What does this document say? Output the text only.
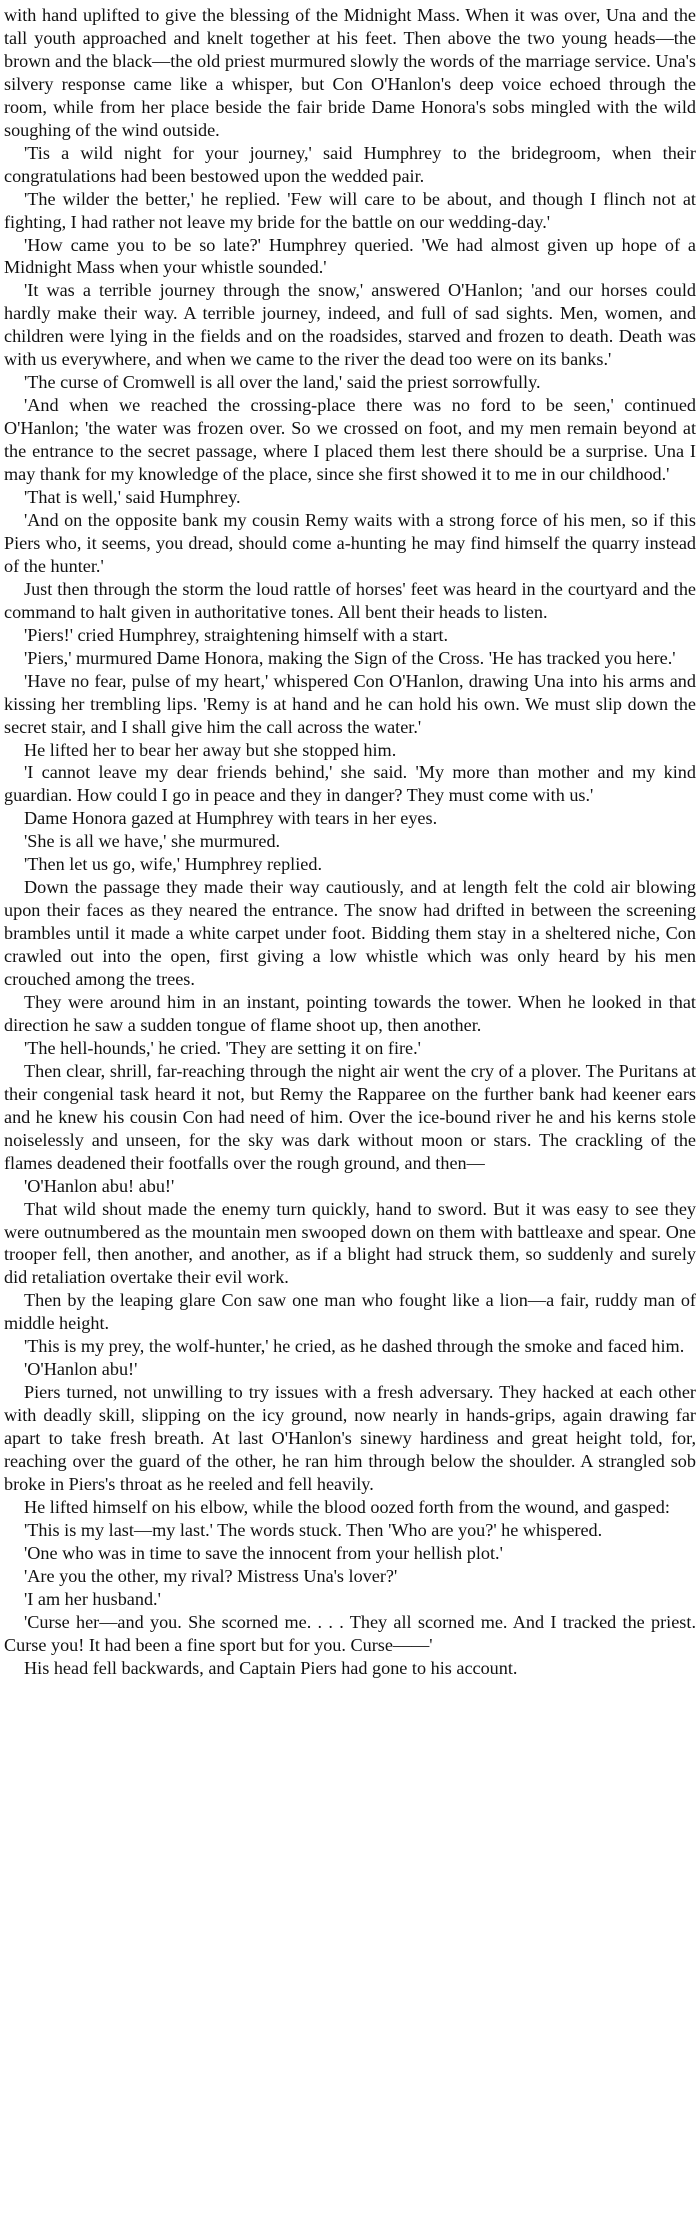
with hand uplifted to give the blessing of the Midnight Mass. When it was over, Una and the tall youth approached and knelt together at his feet. Then above the two young heads—the brown and the black—the old priest murmured slowly the words of the marriage service. Una's silvery response came like a whisper, but Con O'Hanlon's deep voice echoed through the room, while from her place beside the fair bride Dame Honora's sobs mingled with the wild soughing of the wind outside.

'Tis a wild night for your journey,' said Humphrey to the bridegroom, when their congratulations had been bestowed upon the wedded pair.

'The wilder the better,' he replied. 'Few will care to be about, and though I flinch not at fighting, I had rather not leave my bride for the battle on our wedding-day.'

'How came you to be so late?' Humphrey queried. 'We had almost given up hope of a Midnight Mass when your whistle sounded.'

'It was a terrible journey through the snow,' answered O'Hanlon; 'and our horses could hardly make their way. A terrible journey, indeed, and full of sad sights. Men, women, and children were lying in the fields and on the roadsides, starved and frozen to death. Death was with us everywhere, and when we came to the river the dead too were on its banks.'

'The curse of Cromwell is all over the land,' said the priest sorrowfully.

'And when we reached the crossing-place there was no ford to be seen,' continued O'Hanlon; 'the water was frozen over. So we crossed on foot, and my men remain beyond at the entrance to the secret passage, where I placed them lest there should be a surprise. Una I may thank for my knowledge of the place, since she first showed it to me in our childhood.'

'That is well,' said Humphrey.

'And on the opposite bank my cousin Remy waits with a strong force of his men, so if this Piers who, it seems, you dread, should come a-hunting he may find himself the quarry instead of the hunter.'

Just then through the storm the loud rattle of horses' feet was heard in the courtyard and the command to halt given in authoritative tones. All bent their heads to listen.

'Piers!' cried Humphrey, straightening himself with a start.

'Piers,' murmured Dame Honora, making the Sign of the Cross. 'He has tracked you here.'

'Have no fear, pulse of my heart,' whispered Con O'Hanlon, drawing Una into his arms and kissing her trembling lips. 'Remy is at hand and he can hold his own. We must slip down the secret stair, and I shall give him the call across the water.'

He lifted her to bear her away but she stopped him.

'I cannot leave my dear friends behind,' she said. 'My more than mother and my kind guardian. How could I go in peace and they in danger? They must come with us.'

Dame Honora gazed at Humphrey with tears in her eyes.

'She is all we have,' she murmured.

'Then let us go, wife,' Humphrey replied.

Down the passage they made their way cautiously, and at length felt the cold air blowing upon their faces as they neared the entrance. The snow had drifted in between the screening brambles until it made a white carpet under foot. Bidding them stay in a sheltered niche, Con crawled out into the open, first giving a low whistle which was only heard by his men crouched among the trees.

They were around him in an instant, pointing towards the tower. When he looked in that direction he saw a sudden tongue of flame shoot up, then another.

'The hell-hounds,' he cried. 'They are setting it on fire.'

Then clear, shrill, far-reaching through the night air went the cry of a plover. The Puritans at their congenial task heard it not, but Remy the Rapparee on the further bank had keener ears and he knew his cousin Con had need of him. Over the ice-bound river he and his kerns stole noiselessly and unseen, for the sky was dark without moon or stars. The crackling of the flames deadened their footfalls over the rough ground, and then—

'O'Hanlon abu! abu!'

That wild shout made the enemy turn quickly, hand to sword. But it was easy to see they were outnumbered as the mountain men swooped down on them with battleaxe and spear. One trooper fell, then another, and another, as if a blight had struck them, so suddenly and surely did retaliation overtake their evil work.

Then by the leaping glare Con saw one man who fought like a lion—a fair, ruddy man of middle height.

'This is my prey, the wolf-hunter,' he cried, as he dashed through the smoke and faced him.

'O'Hanlon abu!'

Piers turned, not unwilling to try issues with a fresh adversary. They hacked at each other with deadly skill, slipping on the icy ground, now nearly in hands-grips, again drawing far apart to take fresh breath. At last O'Hanlon's sinewy hardiness and great height told, for, reaching over the guard of the other, he ran him through below the shoulder. A strangled sob broke in Piers's throat as he reeled and fell heavily.

He lifted himself on his elbow, while the blood oozed forth from the wound, and gasped:

'This is my last—my last.' The words stuck. Then 'Who are you?' he whispered.

'One who was in time to save the innocent from your hellish plot.'

'Are you the other, my rival? Mistress Una's lover?'

'I am her husband.'

'Curse her—and you. She scorned me. . . . They all scorned me. And I tracked the priest. Curse you! It had been a fine sport but for you. Curse——'

His head fell backwards, and Captain Piers had gone to his account.
